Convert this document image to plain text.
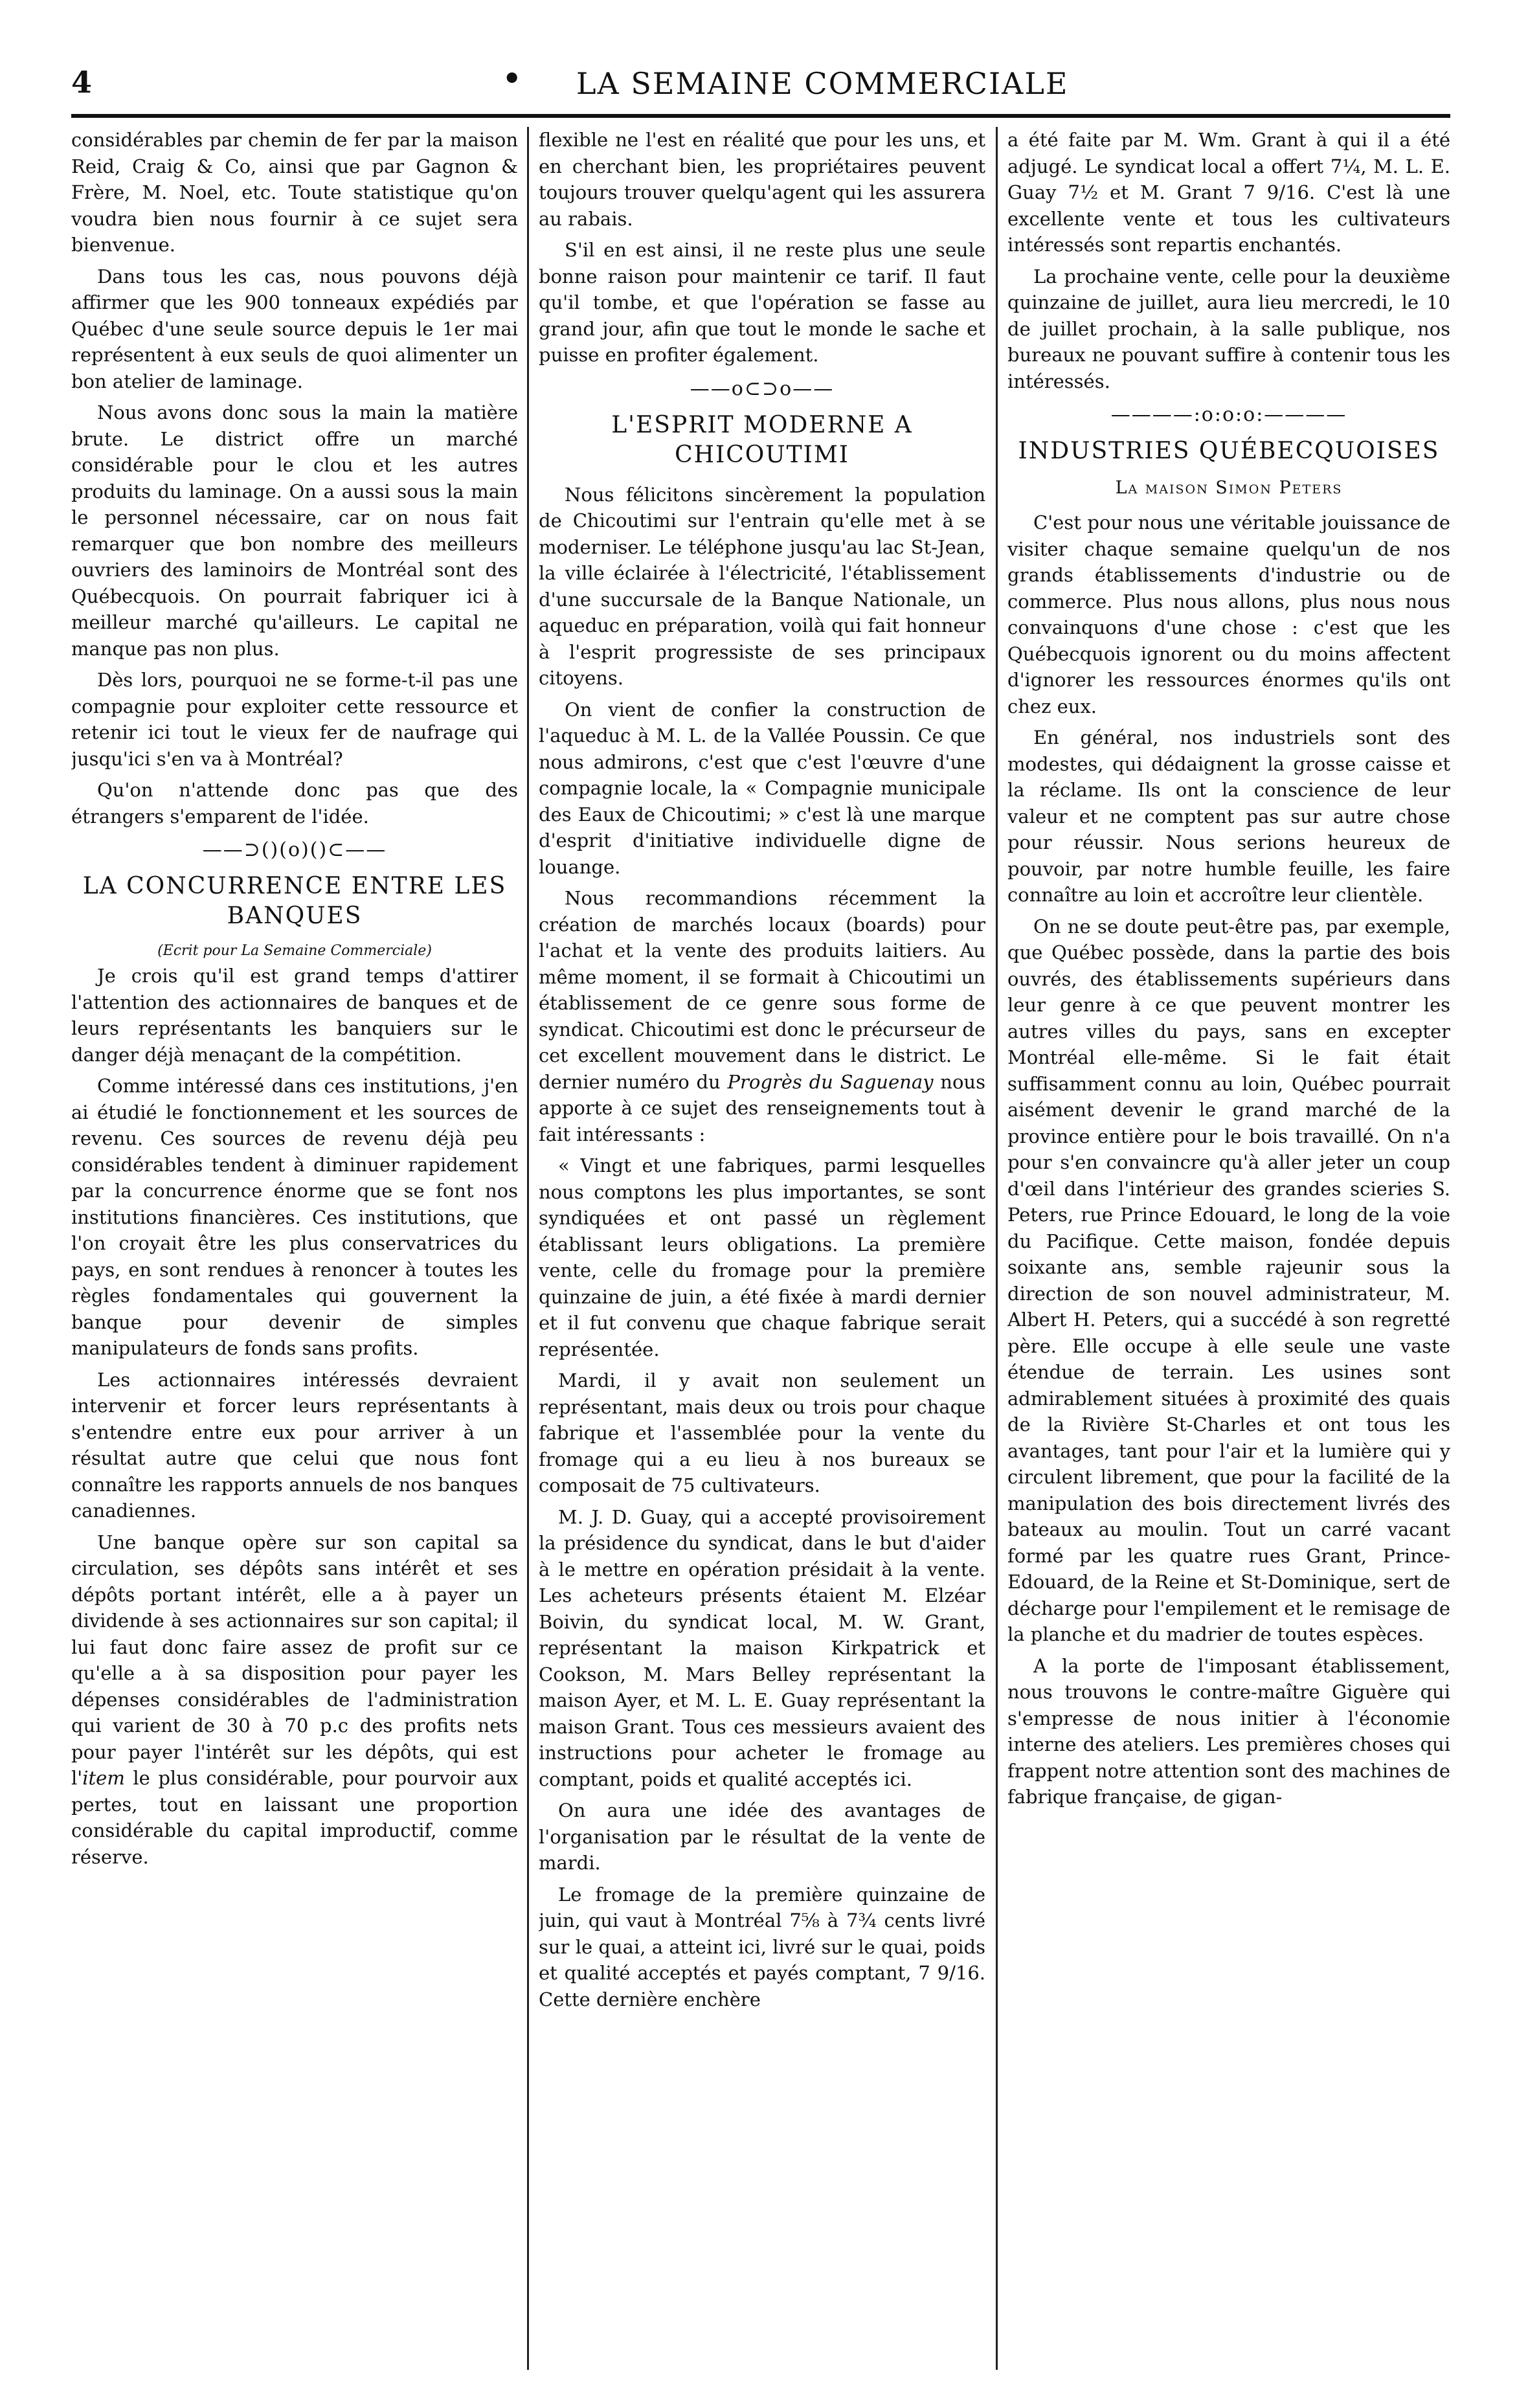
4	• LA SEMAINE COMMERCIALE

considérables par chemin de fer par la maison Reid, Craig & Co, ainsi que par Gagnon & Frère, M. Noel, etc. Toute statistique qu'on voudra bien nous fournir à ce sujet sera bienvenue.

Dans tous les cas, nous pouvons déjà affirmer que les 900 tonneaux expédiés par Québec d'une seule source depuis le 1er mai représentent à eux seuls de quoi alimenter un bon atelier de laminage.

Nous avons donc sous la main la matière brute. Le district offre un marché considérable pour le clou et les autres produits du laminage. On a aussi sous la main le personnel nécessaire, car on nous fait remarquer que bon nombre des meilleurs ouvriers des laminoirs de Montréal sont des Québecquois. On pourrait fabriquer ici à meilleur marché qu'ailleurs. Le capital ne manque pas non plus.

Dès lors, pourquoi ne se forme-t-il pas une compagnie pour exploiter cette ressource et retenir ici tout le vieux fer de naufrage qui jusqu'ici s'en va à Montréal?

Qu'on n'attende donc pas que des étrangers s'emparent de l'idée.

——⊃()(o)()⊂——
LA CONCURRENCE ENTRE LES BANQUES
(Ecrit pour La Semaine Commerciale)

Je crois qu'il est grand temps d'attirer l'attention des actionnaires de banques et de leurs représentants les banquiers sur le danger déjà menaçant de la compétition.

Comme intéressé dans ces institutions, j'en ai étudié le fonctionnement et les sources de revenu. Ces sources de revenu déjà peu considérables tendent à diminuer rapidement par la concurrence énorme que se font nos institutions financières. Ces institutions, que l'on croyait être les plus conservatrices du pays, en sont rendues à renoncer à toutes les règles fondamentales qui gouvernent la banque pour devenir de simples manipulateurs de fonds sans profits.

Les actionnaires intéressés devraient intervenir et forcer leurs représentants à s'entendre entre eux pour arriver à un résultat autre que celui que nous font connaître les rapports annuels de nos banques canadiennes.

Une banque opère sur son capital sa circulation, ses dépôts sans intérêt et ses dépôts portant intérêt, elle a à payer un dividende à ses actionnaires sur son capital; il lui faut donc faire assez de profit sur ce qu'elle a à sa disposition pour payer les dépenses considérables de l'administration qui varient de 30 à 70 p.c des profits nets pour payer l'intérêt sur les dépôts, qui est l'item le plus considérable, pour pourvoir aux pertes, tout en laissant une proportion considérable du capital improductif, comme réserve.

flexible ne l'est en réalité que pour les uns, et en cherchant bien, les propriétaires peuvent toujours trouver quelqu'agent qui les assurera au rabais.

S'il en est ainsi, il ne reste plus une seule bonne raison pour maintenir ce tarif. Il faut qu'il tombe, et que l'opération se fasse au grand jour, afin que tout le monde le sache et puisse en profiter également.

——o⊂⊃o——
L'ESPRIT MODERNE A CHICOUTIMI

Nous félicitons sincèrement la population de Chicoutimi sur l'entrain qu'elle met à se moderniser. Le téléphone jusqu'au lac St-Jean, la ville éclairée à l'électricité, l'établissement d'une succursale de la Banque Nationale, un aqueduc en préparation, voilà qui fait honneur à l'esprit progressiste de ses principaux citoyens.

On vient de confier la construction de l'aqueduc à M. L. de la Vallée Poussin. Ce que nous admirons, c'est que c'est l'œuvre d'une compagnie locale, la « Compagnie municipale des Eaux de Chicoutimi; » c'est là une marque d'esprit d'initiative individuelle digne de louange.

Nous recommandions récemment la création de marchés locaux (boards) pour l'achat et la vente des produits laitiers. Au même moment, il se formait à Chicoutimi un établissement de ce genre sous forme de syndicat. Chicoutimi est donc le précurseur de cet excellent mouvement dans le district. Le dernier numéro du Progrès du Saguenay nous apporte à ce sujet des renseignements tout à fait intéressants :

« Vingt et une fabriques, parmi lesquelles nous comptons les plus importantes, se sont syndiquées et ont passé un règlement établissant leurs obligations. La première vente, celle du fromage pour la première quinzaine de juin, a été fixée à mardi dernier et il fut convenu que chaque fabrique serait représentée.

Mardi, il y avait non seulement un représentant, mais deux ou trois pour chaque fabrique et l'assemblée pour la vente du fromage qui a eu lieu à nos bureaux se composait de 75 cultivateurs.

M. J. D. Guay, qui a accepté provisoirement la présidence du syndicat, dans le but d'aider à le mettre en opération présidait à la vente. Les acheteurs présents étaient M. Elzéar Boivin, du syndicat local, M. W. Grant, représentant la maison Kirkpatrick et Cookson, M. Mars Belley représentant la maison Ayer, et M. L. E. Guay représentant la maison Grant. Tous ces messieurs avaient des instructions pour acheter le fromage au comptant, poids et qualité acceptés ici.

On aura une idée des avantages de l'organisation par le résultat de la vente de mardi.

Le fromage de la première quinzaine de juin, qui vaut à Montréal 7⅝ à 7¾ cents livré sur le quai, a atteint ici, livré sur le quai, poids et qualité acceptés et payés comptant, 7 9/16. Cette dernière enchère

a été faite par M. Wm. Grant à qui il a été adjugé. Le syndicat local a offert 7¼, M. L. E. Guay 7½ et M. Grant 7 9/16. C'est là une excellente vente et tous les cultivateurs intéressés sont repartis enchantés.

La prochaine vente, celle pour la deuxième quinzaine de juillet, aura lieu mercredi, le 10 de juillet prochain, à la salle publique, nos bureaux ne pouvant suffire à contenir tous les intéressés.

————:o:o:o:————
INDUSTRIES QUÉBECQUOISES
La maison Simon Peters

C'est pour nous une véritable jouissance de visiter chaque semaine quelqu'un de nos grands établissements d'industrie ou de commerce. Plus nous allons, plus nous nous convainquons d'une chose : c'est que les Québecquois ignorent ou du moins affectent d'ignorer les ressources énormes qu'ils ont chez eux.

En général, nos industriels sont des modestes, qui dédaignent la grosse caisse et la réclame. Ils ont la conscience de leur valeur et ne comptent pas sur autre chose pour réussir. Nous serions heureux de pouvoir, par notre humble feuille, les faire connaître au loin et accroître leur clientèle.

On ne se doute peut-être pas, par exemple, que Québec possède, dans la partie des bois ouvrés, des établissements supérieurs dans leur genre à ce que peuvent montrer les autres villes du pays, sans en excepter Montréal elle-même. Si le fait était suffisamment connu au loin, Québec pourrait aisément devenir le grand marché de la province entière pour le bois travaillé. On n'a pour s'en convaincre qu'à aller jeter un coup d'œil dans l'intérieur des grandes scieries S. Peters, rue Prince Edouard, le long de la voie du Pacifique. Cette maison, fondée depuis soixante ans, semble rajeunir sous la direction de son nouvel administrateur, M. Albert H. Peters, qui a succédé à son regretté père. Elle occupe à elle seule une vaste étendue de terrain. Les usines sont admirablement situées à proximité des quais de la Rivière St-Charles et ont tous les avantages, tant pour l'air et la lumière qui y circulent librement, que pour la facilité de la manipulation des bois directement livrés des bateaux au moulin. Tout un carré vacant formé par les quatre rues Grant, Prince-Edouard, de la Reine et St-Dominique, sert de décharge pour l'empilement et le remisage de la planche et du madrier de toutes espèces.

A la porte de l'imposant établissement, nous trouvons le contre-maître Giguère qui s'empresse de nous initier à l'économie interne des ateliers. Les premières choses qui frappent notre attention sont des machines de fabrique française, de gigan-
